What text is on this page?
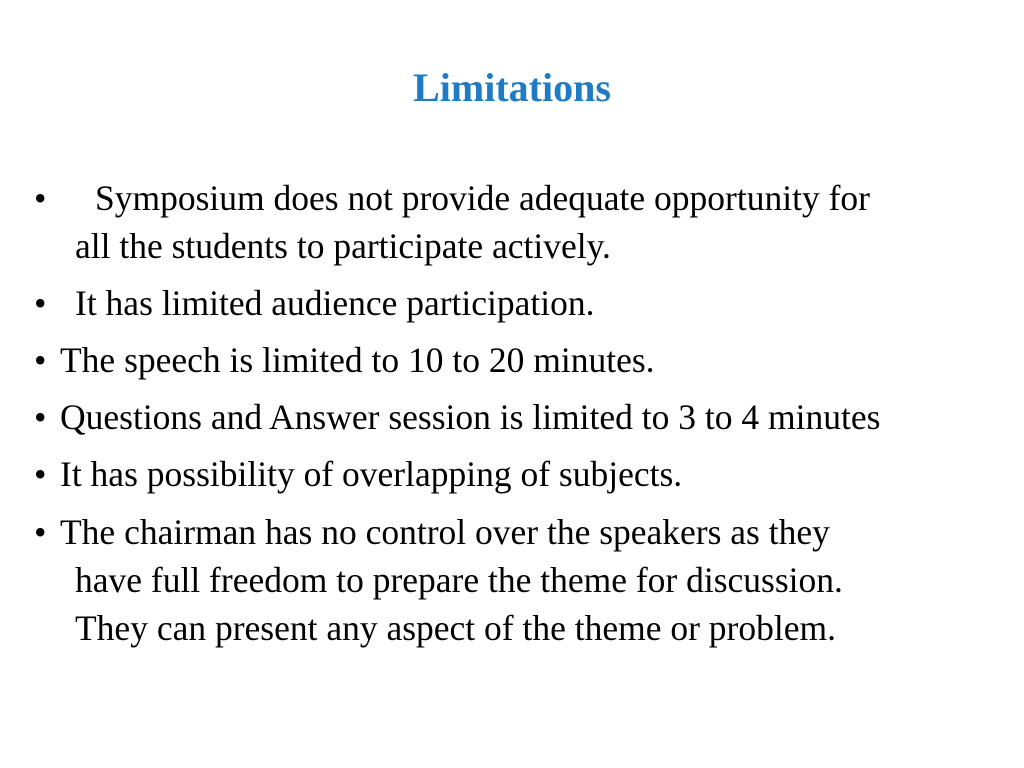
Limitations
• Symposium does not provide adequate opportunity for
all the students to participate actively.
• It has limited audience participation.
• The speech is limited to 10 to 20 minutes.
• Questions and Answer session is limited to 3 to 4 minutes
• It has possibility of overlapping of subjects.
• The chairman has no control over the speakers as they
have full freedom to prepare the theme for discussion.
They can present any aspect of the theme or problem.
